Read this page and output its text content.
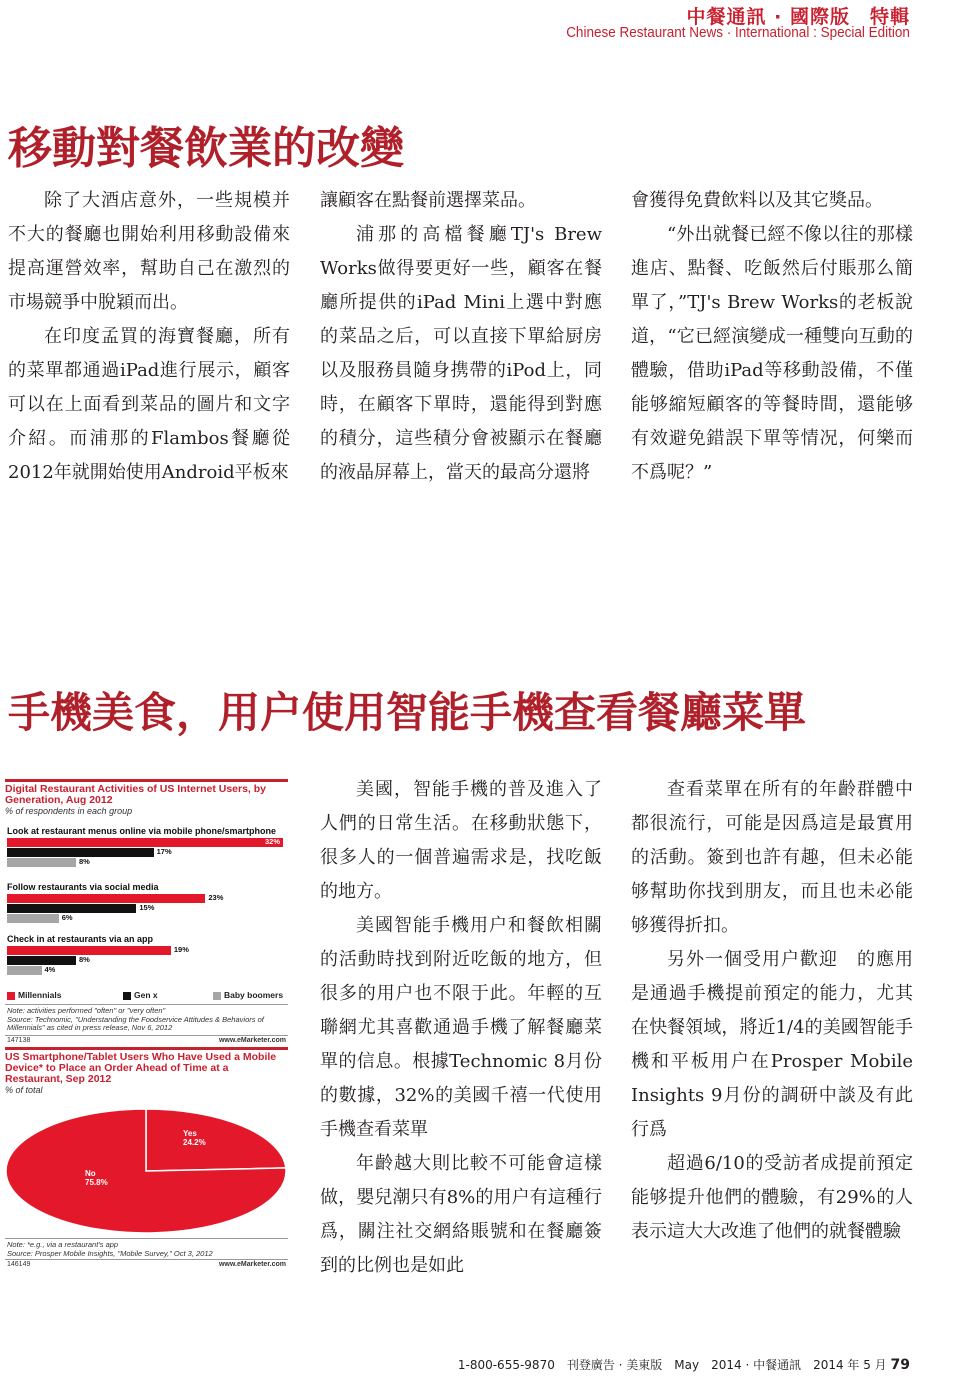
中餐通訊 · 國際版　特輯
Chinese Restaurant News · International : Special Edition
移動對餐飲業的改變

除了大酒店意外，一些規模并不大的餐廳也開始利用移動設備來提高運營效率，幫助自己在激烈的市場競爭中脫穎而出。

在印度孟買的海寶餐廳，所有的菜單都通過iPad進行展示，顧客可以在上面看到菜品的圖片和文字介紹。而浦那的Flambos餐廳從2012年就開始使用Android平板來

讓顧客在點餐前選擇菜品。

浦那的高檔餐廳TJ's Brew Works做得要更好一些，顧客在餐廳所提供的iPad Mini上選中對應的菜品之后，可以直接下單給厨房以及服務員隨身携帶的iPod上，同時，在顧客下單時，還能得到對應的積分，這些積分會被顯示在餐廳的液晶屏幕上，當天的最高分還將

會獲得免費飲料以及其它獎品。

“外出就餐已經不像以往的那樣進店、點餐、吃飯然后付賬那么簡單了，”TJ's Brew Works的老板說道，“它已經演變成一種雙向互動的體驗，借助iPad等移動設備，不僅能够縮短顧客的等餐時間，還能够有效避免錯誤下單等情况，何樂而不爲呢？”

手機美食，用户使用智能手機查看餐廳菜單
Digital Restaurant Activities of US Internet Users, by Generation, Aug 2012
% of respondents in each group
Look at restaurant menus online via mobile phone/smartphone
32%
17%
8%
Follow restaurants via social media
23%
15%
6%
Check in at restaurants via an app
19%
8%
4%
Millennials	Gen x	Baby boomers
Note: activities performed "often" or "very often"
Source: Technomic, "Understanding the Foodservice Attitudes & Behaviors of Millennials" as cited in press release, Nov 6, 2012
147138	www.eMarketer.com
US Smartphone/Tablet Users Who Have Used a Mobile Device* to Place an Order Ahead of Time at a Restaurant, Sep 2012
% of total
Yes
24.2%
No
75.8%
Note: *e.g., via a restaurant's app
Source: Prosper Mobile Insights, "Mobile Survey," Oct 3, 2012
146149	www.eMarketer.com

美國，智能手機的普及進入了人們的日常生活。在移動狀態下，很多人的一個普遍需求是，找吃飯的地方。

美國智能手機用户和餐飲相關的活動時找到附近吃飯的地方，但很多的用户也不限于此。年輕的互聯網尤其喜歡通過手機了解餐廳菜單的信息。根據Technomic 8月份的數據，32%的美國千禧一代使用手機查看菜單

年齡越大則比較不可能會這樣做，嬰兒潮只有8%的用户有這種行爲，關注社交網絡賬號和在餐廳簽到的比例也是如此

查看菜單在所有的年齡群體中都很流行，可能是因爲這是最實用的活動。簽到也許有趣，但未必能够幫助你找到朋友，而且也未必能够獲得折扣。

另外一個受用户歡迎　的應用是通過手機提前預定的能力，尤其在快餐領域，將近1/4的美國智能手機和平板用户在Prosper Mobile Insights 9月份的調研中談及有此行爲

超過6/10的受訪者成提前預定能够提升他們的體驗，有29%的人表示這大大改進了他們的就餐體驗

1-800-655-9870　刊登廣告 · 美東版　May　2014 · 中餐通訊　2014 年 5 月 79
